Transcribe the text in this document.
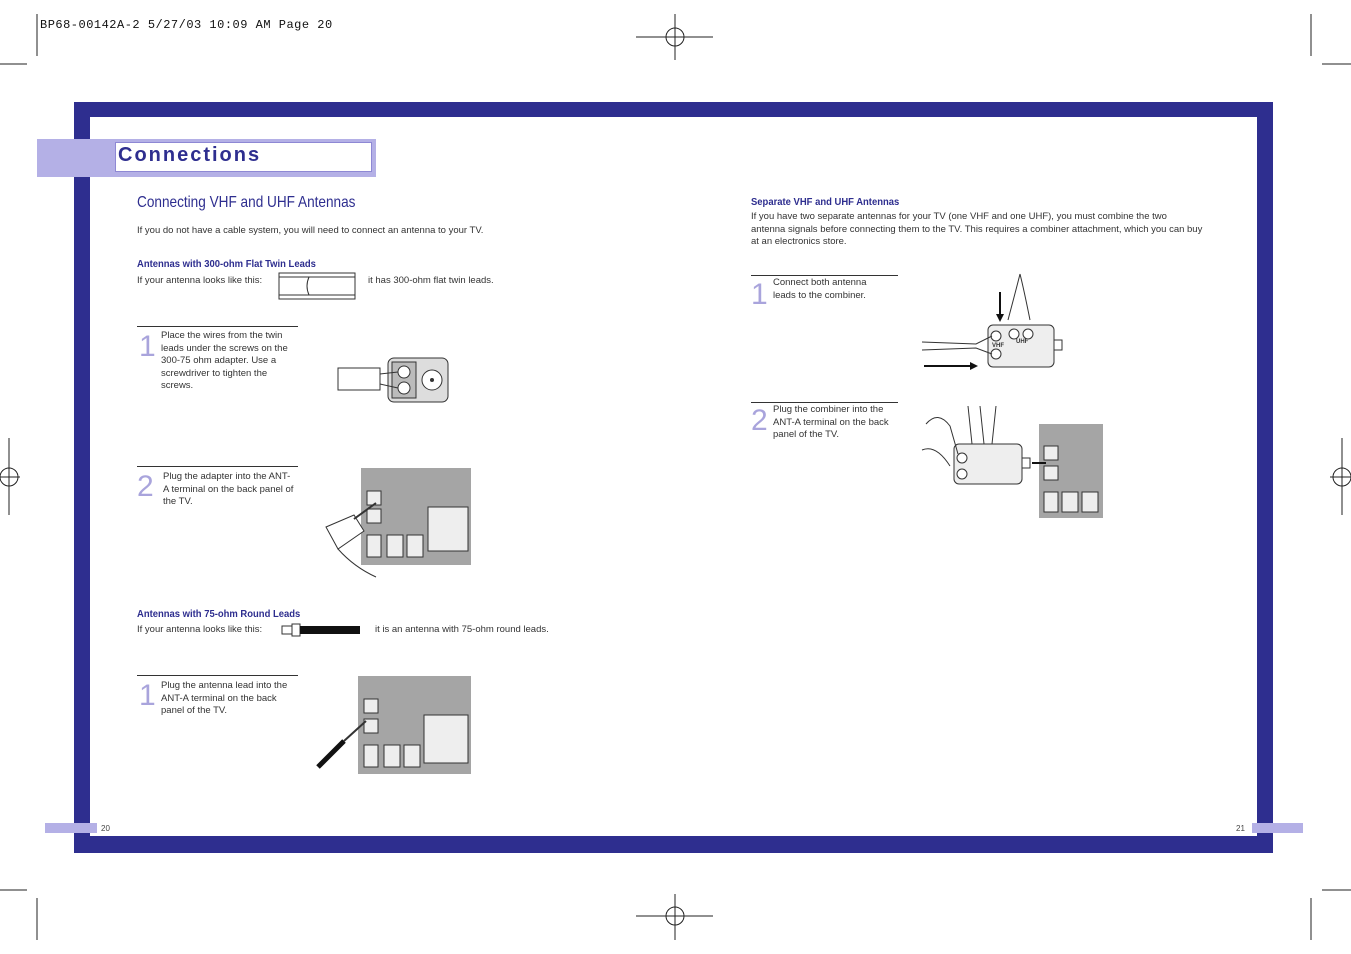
BP68-00142A-2 5/27/03 10:09 AM Page 20
Connections
Connecting VHF and UHF Antennas
If you do not have a cable system, you will need to connect an antenna to your TV.
Antennas with 300-ohm Flat Twin Leads
If your antenna looks like this:	it has 300-ohm flat twin leads.
1 Place the wires from the twin leads under the screws on the 300-75 ohm adapter. Use a screwdriver to tighten the screws.
2 Plug the adapter into the ANT-A terminal on the back panel of the TV.
Antennas with 75-ohm Round Leads
If your antenna looks like this:	it is an antenna with 75-ohm round leads.
1 Plug the antenna lead into the ANT-A terminal on the back panel of the TV.
20
Separate VHF and UHF Antennas
If you have two separate antennas for your TV (one VHF and one UHF), you must combine the two antenna signals before connecting them to the TV. This requires a combiner attachment, which you can buy at an electronics store.
1 Connect both antenna leads to the combiner.
VHF
UHF
2 Plug the combiner into the ANT-A terminal on the back panel of the TV.
21
